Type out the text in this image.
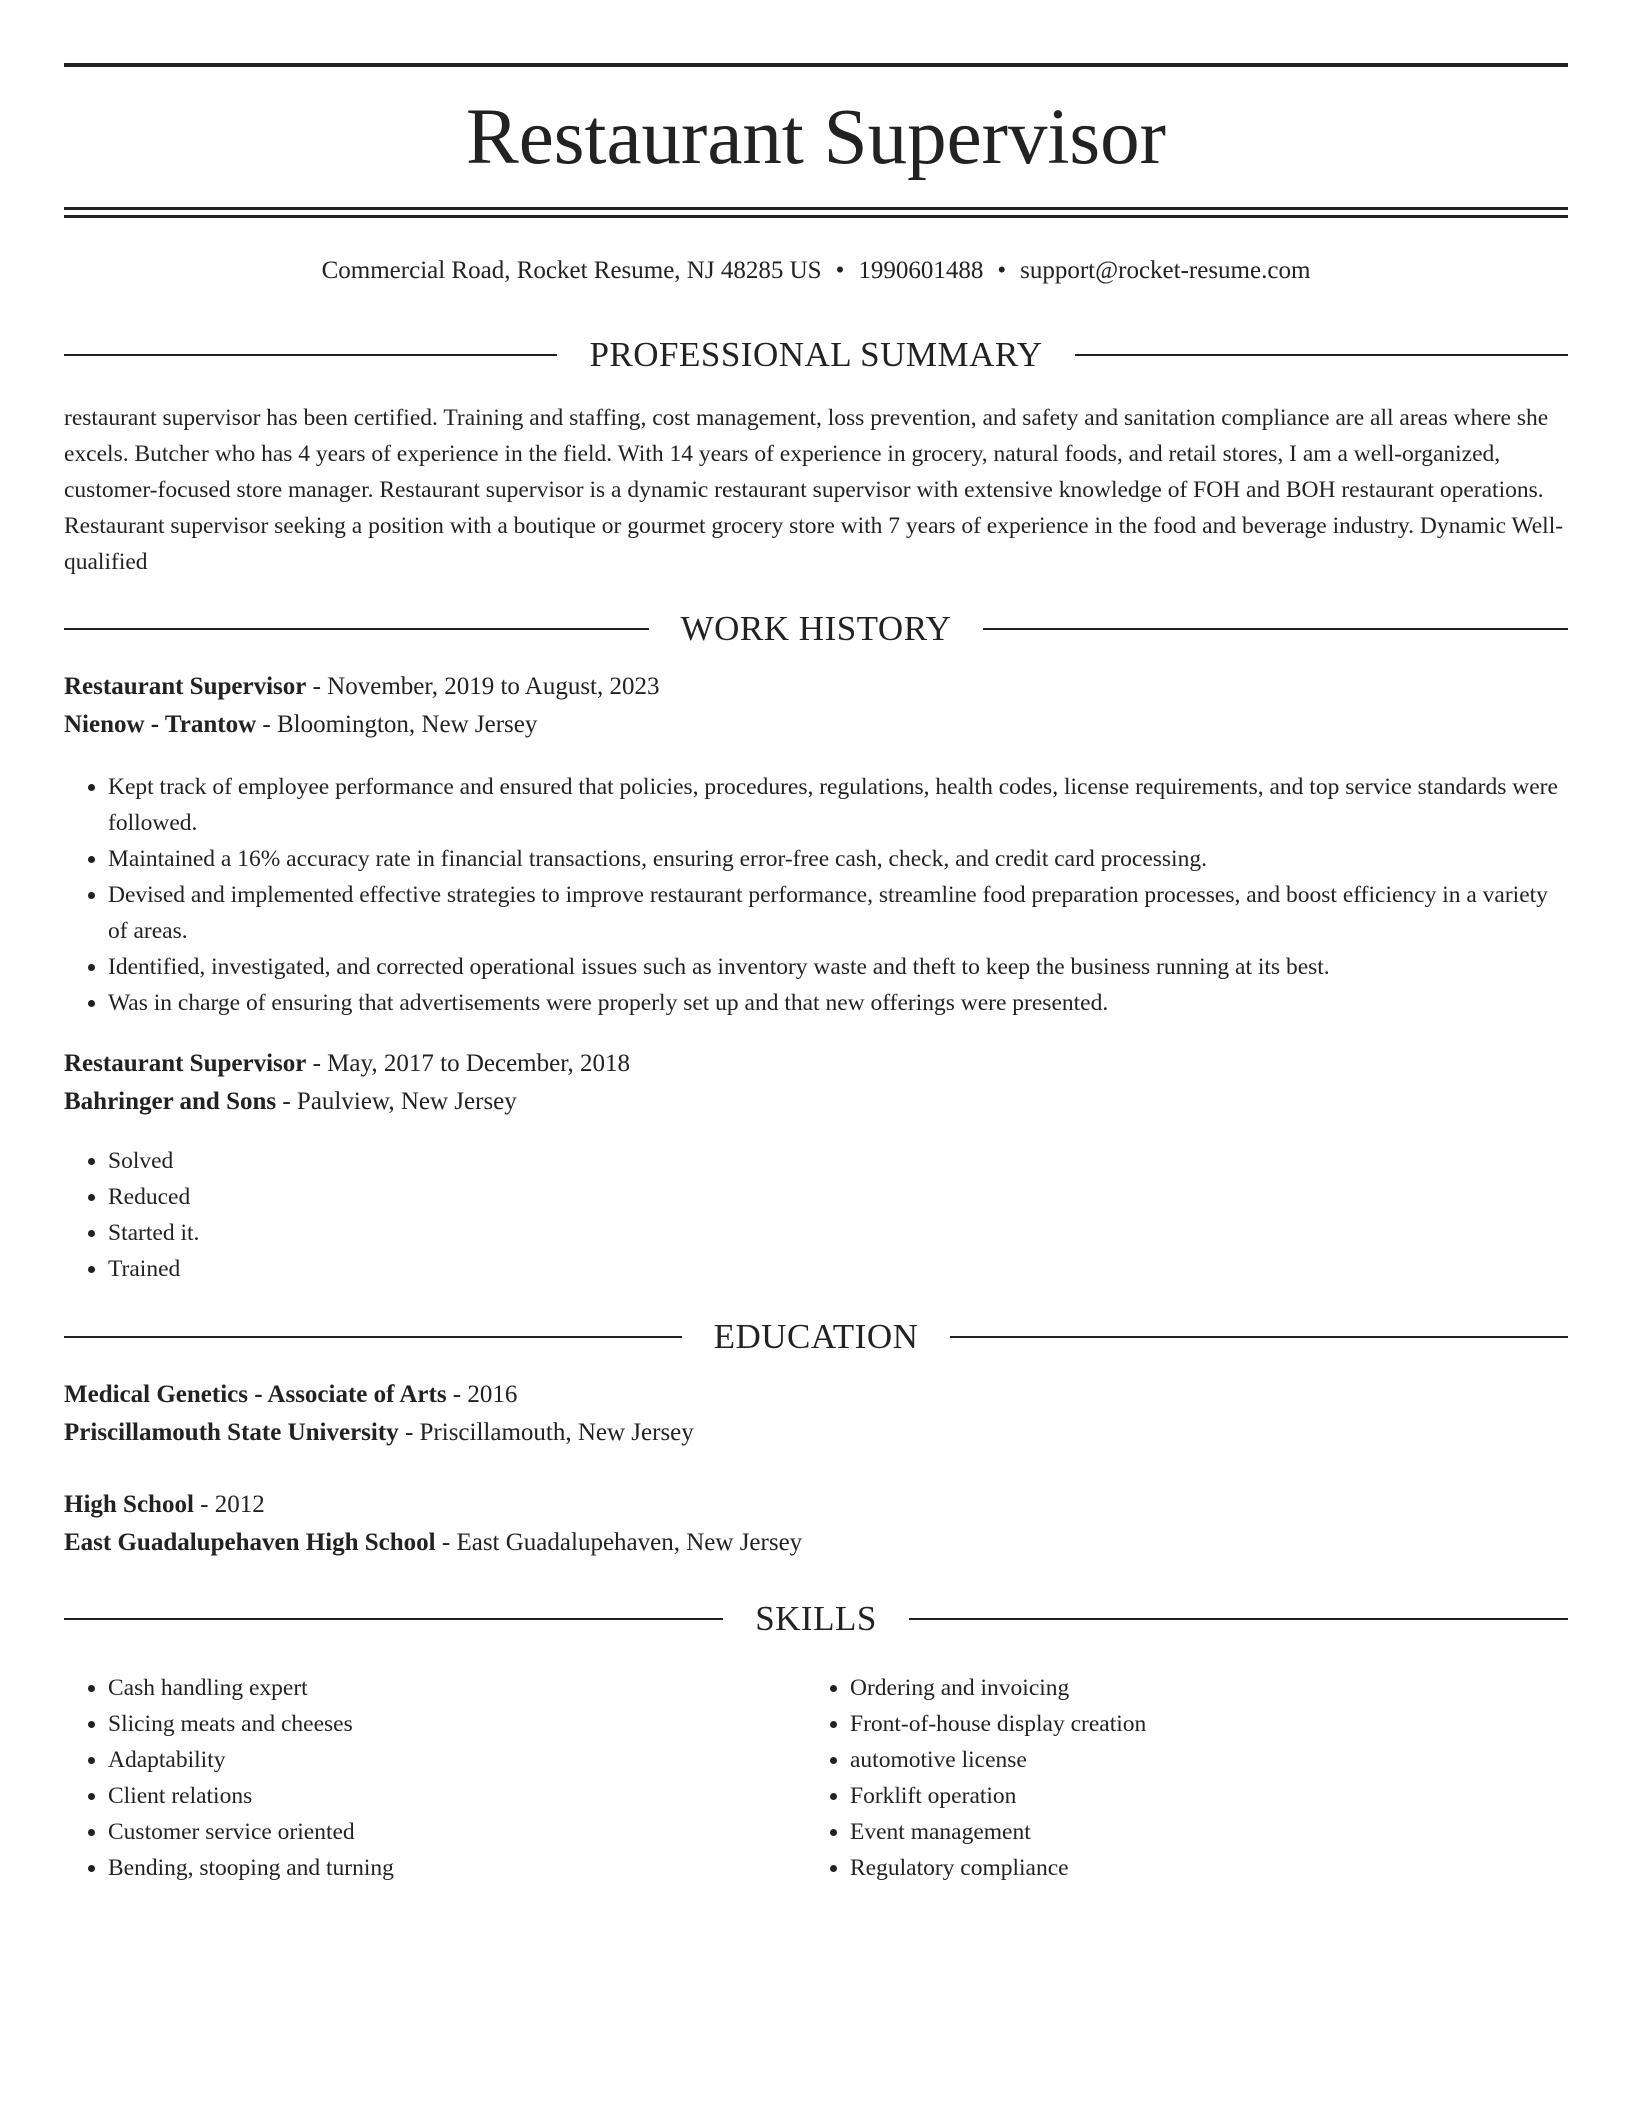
Restaurant Supervisor
Commercial Road, Rocket Resume, NJ 48285 US • 1990601488 • support@rocket-resume.com
PROFESSIONAL SUMMARY

restaurant supervisor has been certified. Training and staffing, cost management, loss prevention, and safety and sanitation compliance are all areas where she excels. Butcher who has 4 years of experience in the field. With 14 years of experience in grocery, natural foods, and retail stores, I am a well-organized, customer-focused store manager. Restaurant supervisor is a dynamic restaurant supervisor with extensive knowledge of FOH and BOH restaurant operations. Restaurant supervisor seeking a position with a boutique or gourmet grocery store with 7 years of experience in the food and beverage industry. Dynamic Well-qualified

WORK HISTORY
Restaurant Supervisor - November, 2019 to August, 2023
Nienow - Trantow - Bloomington, New Jersey
• Kept track of employee performance and ensured that policies, procedures, regulations, health codes, license requirements, and top service standards were followed.
• Maintained a 16% accuracy rate in financial transactions, ensuring error-free cash, check, and credit card processing.
• Devised and implemented effective strategies to improve restaurant performance, streamline food preparation processes, and boost efficiency in a variety of areas.
• Identified, investigated, and corrected operational issues such as inventory waste and theft to keep the business running at its best.
• Was in charge of ensuring that advertisements were properly set up and that new offerings were presented.
Restaurant Supervisor - May, 2017 to December, 2018
Bahringer and Sons - Paulview, New Jersey
• Solved
• Reduced
• Started it.
• Trained
EDUCATION
Medical Genetics - Associate of Arts - 2016
Priscillamouth State University - Priscillamouth, New Jersey
High School - 2012
East Guadalupehaven High School - East Guadalupehaven, New Jersey
SKILLS
• Cash handling expert
• Slicing meats and cheeses
• Adaptability
• Client relations
• Customer service oriented
• Bending, stooping and turning
• Ordering and invoicing
• Front-of-house display creation
• automotive license
• Forklift operation
• Event management
• Regulatory compliance
